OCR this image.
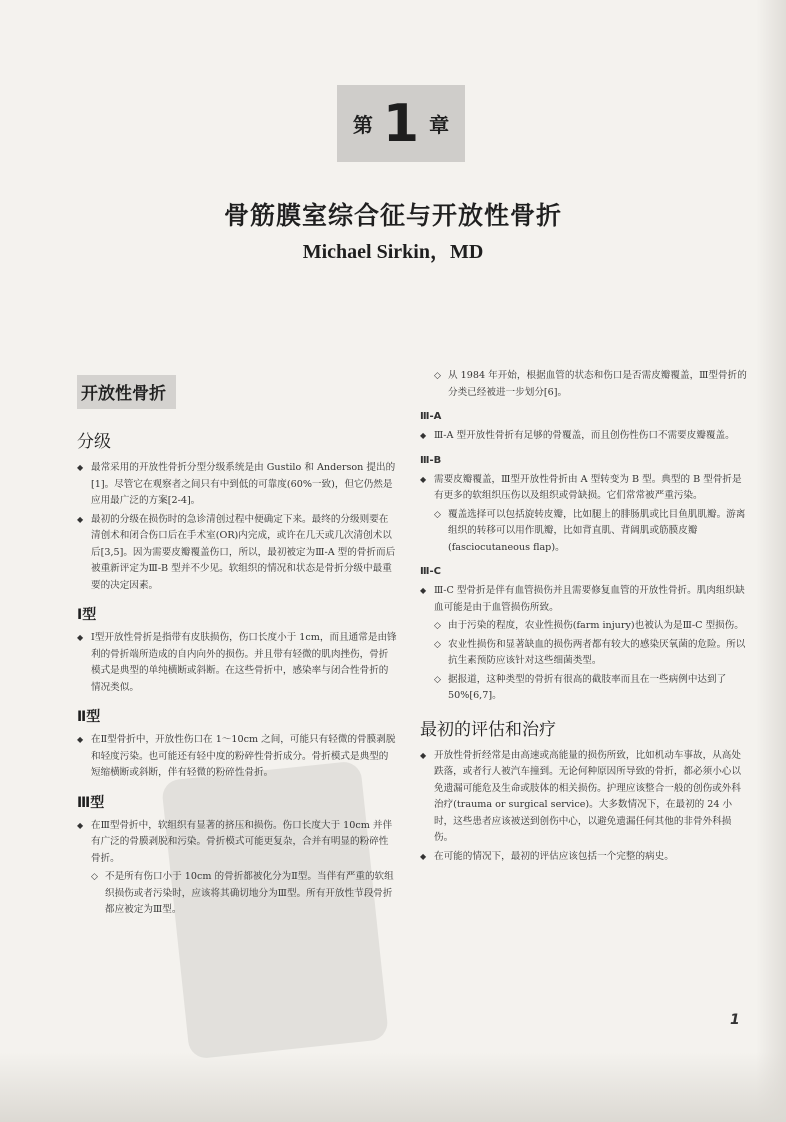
第 1 章
骨筋膜室综合征与开放性骨折
Michael Sirkin，MD
开放性骨折
分级
◆ 最常采用的开放性骨折分型分级系统是由 Gustilo 和 Anderson 提出的[1]。尽管它在观察者之间只有中到低的可靠度(60%一致)，但它仍然是应用最广泛的方案[2-4]。
◆ 最初的分级在损伤时的急诊清创过程中便确定下来。最终的分级则要在清创术和闭合伤口后在手术室(OR)内完成，或许在几天或几次清创术以后[3,5]。因为需要皮瓣覆盖伤口，所以，最初被定为Ⅲ-A 型的骨折而后被重新评定为Ⅲ-B 型并不少见。软组织的情况和状态是骨折分级中最重要的决定因素。
Ⅰ型
◆ Ⅰ型开放性骨折是指带有皮肤损伤，伤口长度小于 1cm，而且通常是由锋利的骨折端所造成的自内向外的损伤。并且带有轻微的肌肉挫伤，骨折模式是典型的单纯横断或斜断。在这些骨折中，感染率与闭合性骨折的情况类似。
Ⅱ型
◆ 在Ⅱ型骨折中，开放性伤口在 1～10cm 之间，可能只有轻微的骨膜剥脱和轻度污染。也可能还有轻中度的粉碎性骨折成分。骨折模式是典型的短缩横断或斜断，伴有轻微的粉碎性骨折。
Ⅲ型
◆ 在Ⅲ型骨折中，软组织有显著的挤压和损伤。伤口长度大于 10cm 并伴有广泛的骨膜剥脱和污染。骨折模式可能更复杂，合并有明显的粉碎性骨折。
◇ 不是所有伤口小于 10cm 的骨折都被化分为Ⅱ型。当伴有严重的软组织损伤或者污染时，应该将其确切地分为Ⅲ型。所有开放性节段骨折都应被定为Ⅲ型。
◇ 从 1984 年开始，根据血管的状态和伤口是否需皮瓣覆盖，Ⅲ型骨折的分类已经被进一步划分[6]。
Ⅲ-A
◆ Ⅲ-A 型开放性骨折有足够的骨覆盖，而且创伤性伤口不需要皮瓣覆盖。
Ⅲ-B
◆ 需要皮瓣覆盖，Ⅲ型开放性骨折由 A 型转变为 B 型。典型的 B 型骨折是有更多的软组织压伤以及组织或骨缺损。它们常常被严重污染。
◇ 覆盖选择可以包括旋转皮瓣，比如腿上的腓肠肌或比目鱼肌肌瓣。游离组织的转移可以用作肌瓣，比如背直肌、背阔肌或筋膜皮瓣(fasciocutaneous flap)。
Ⅲ-C
◆ Ⅲ-C 型骨折是伴有血管损伤并且需要修复血管的开放性骨折。肌肉组织缺血可能是由于血管损伤所致。
◇ 由于污染的程度，农业性损伤(farm injury)也被认为是Ⅲ-C 型损伤。
◇ 农业性损伤和显著缺血的损伤两者都有较大的感染厌氧菌的危险。所以抗生素预防应该针对这些细菌类型。
◇ 据报道，这种类型的骨折有很高的截肢率而且在一些病例中达到了 50%[6,7]。
最初的评估和治疗
◆ 开放性骨折经常是由高速或高能量的损伤所致，比如机动车事故，从高处跌落，或者行人被汽车撞到。无论何种原因所导致的骨折，都必须小心以免遗漏可能危及生命或肢体的相关损伤。护理应该整合一般的创伤或外科治疗(trauma or surgical service)。大多数情况下，在最初的 24 小时，这些患者应该被送到创伤中心，以避免遗漏任何其他的非骨外科损伤。
◆ 在可能的情况下，最初的评估应该包括一个完整的病史。
1
